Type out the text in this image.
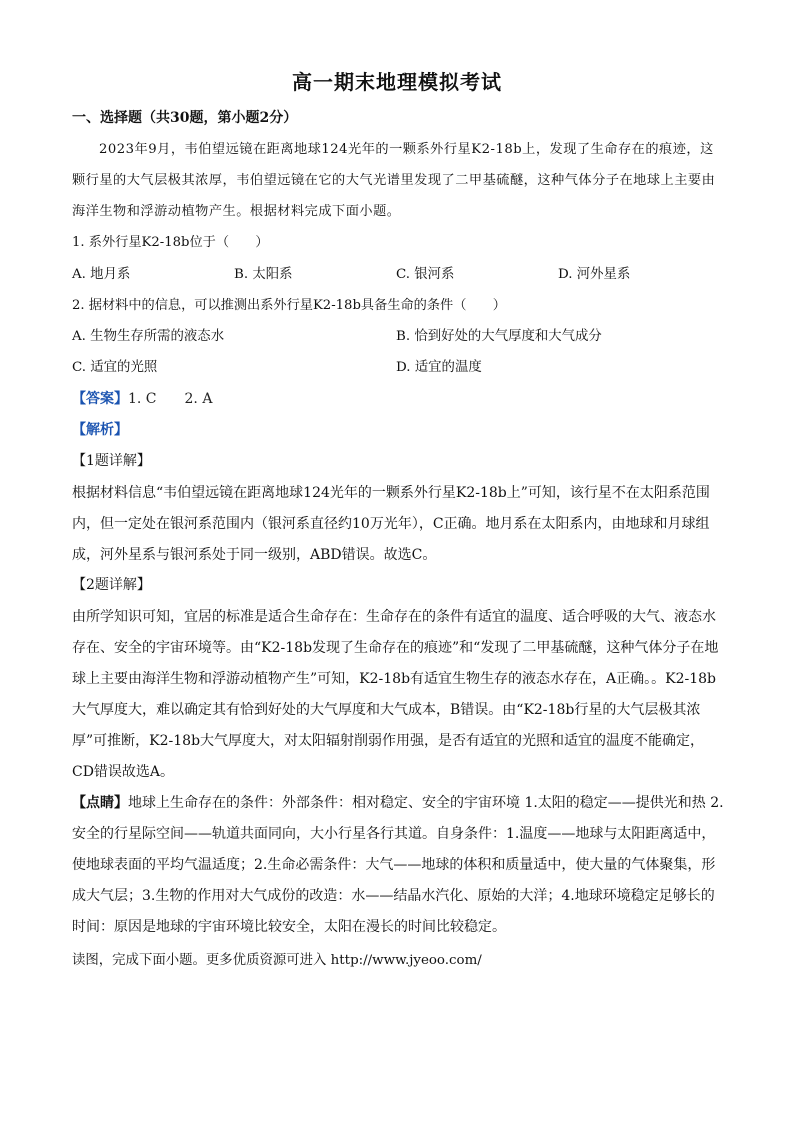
高一期末地理模拟考试
一、选择题（共30题，第小题2分）
2023年9月，韦伯望远镜在距离地球124光年的一颗系外行星K2-18b上，发现了生命存在的痕迹，这颗行星的大气层极其浓厚，韦伯望远镜在它的大气光谱里发现了二甲基硫醚，这种气体分子在地球上主要由海洋生物和浮游动植物产生。根据材料完成下面小题。
1. 系外行星K2-18b位于（　　）
A. 地月系	B. 太阳系	C. 银河系	D. 河外星系
2. 据材料中的信息，可以推测出系外行星K2-18b具备生命的条件（　　）
A. 生物生存所需的液态水	B. 恰到好处的大气厚度和大气成分
C. 适宜的光照	D. 适宜的温度
【答案】1. C　　2. A
【解析】
【1题详解】
根据材料信息“韦伯望远镜在距离地球124光年的一颗系外行星K2-18b上”可知，该行星不在太阳系范围内，但一定处在银河系范围内（银河系直径约10万光年），C正确。地月系在太阳系内，由地球和月球组成，河外星系与银河系处于同一级别，ABD错误。故选C。
【2题详解】
由所学知识可知，宜居的标准是适合生命存在：生命存在的条件有适宜的温度、适合呼吸的大气、液态水存在、安全的宇宙环境等。由“K2-18b发现了生命存在的痕迹”和“发现了二甲基硫醚，这种气体分子在地球上主要由海洋生物和浮游动植物产生”可知，K2-18b有适宜生物生存的液态水存在，A正确。。K2-18b大气厚度大，难以确定其有恰到好处的大气厚度和大气成本，B错误。由“K2-18b行星的大气层极其浓厚”可推断，K2-18b大气厚度大，对太阳辐射削弱作用强，是否有适宜的光照和适宜的温度不能确定，CD错误故选A。
【点睛】地球上生命存在的条件：外部条件：相对稳定、安全的宇宙环境 1.太阳的稳定——提供光和热 2.安全的行星际空间——轨道共面同向，大小行星各行其道。自身条件：1.温度——地球与太阳距离适中，使地球表面的平均气温适度；2.生命必需条件：大气——地球的体积和质量适中，使大量的气体聚集，形成大气层；3.生物的作用对大气成份的改造：水——结晶水汽化、原始的大洋；4.地球环境稳定足够长的时间：原因是地球的宇宙环境比较安全，太阳在漫长的时间比较稳定。
读图，完成下面小题。更多优质资源可进入 http://www.jyeoo.com/
